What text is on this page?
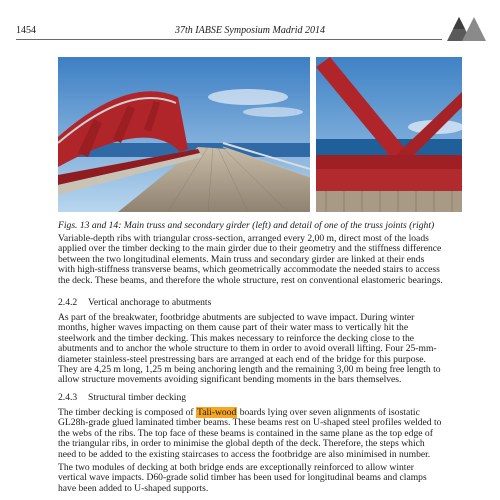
1454	37th IABSE Symposium Madrid 2014
Figs. 13 and 14: Main truss and secondary girder (left) and detail of one of the truss joints (right)
Variable-depth ribs with triangular cross-section, arranged every 2,00 m, direct most of the loads
applied over the timber decking to the main girder due to their geometry and the stiffness difference
between the two longitudinal elements. Main truss and secondary girder are linked at their ends
with high-stiffness transverse beams, which geometrically accommodate the needed stairs to access
the deck. These beams, and therefore the whole structure, rest on conventional elastomeric bearings.
2.4.2 Vertical anchorage to abutments
As part of the breakwater, footbridge abutments are subjected to wave impact. During winter
months, higher waves impacting on them cause part of their water mass to vertically hit the
steelwork and the timber decking. This makes necessary to reinforce the decking close to the
abutments and to anchor the whole structure to them in order to avoid overall lifting. Four 25-mm-
diameter stainless-steel prestressing bars are arranged at each end of the bridge for this purpose.
They are 4,25 m long, 1,25 m being anchoring length and the remaining 3,00 m being free length to
allow structure movements avoiding significant bending moments in the bars themselves.
2.4.3 Structural timber decking
The timber decking is composed of Tali-wood boards lying over seven alignments of isostatic
GL28h-grade glued laminated timber beams. These beams rest on U-shaped steel profiles welded to
the webs of the ribs. The top face of these beams is contained in the same plane as the top edge of
the triangular ribs, in order to minimise the global depth of the deck. Therefore, the steps which
need to be added to the existing staircases to access the footbridge are also minimised in number.
The two modules of decking at both bridge ends are exceptionally reinforced to allow winter
vertical wave impacts. D60-grade solid timber has been used for longitudinal beams and clamps
have been added to U-shaped supports.
